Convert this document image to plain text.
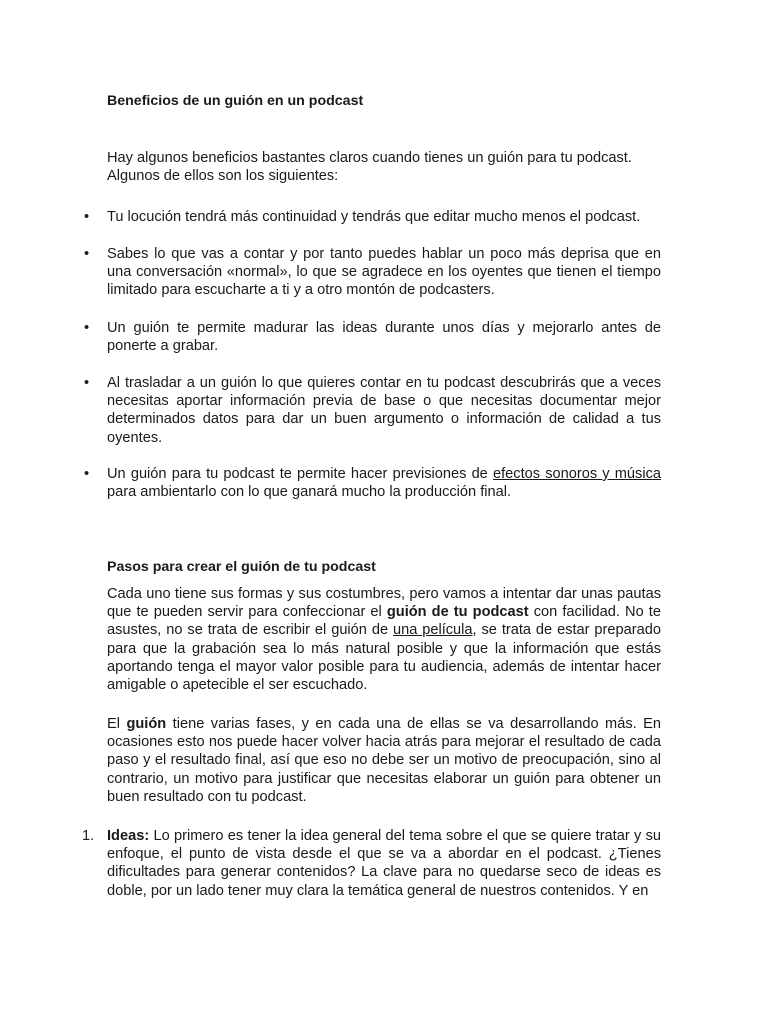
Beneficios de un guión en un podcast

Hay algunos beneficios bastantes claros cuando tienes un guión para tu podcast. Algunos de ellos son los siguientes:

• Tu locución tendrá más continuidad y tendrás que editar mucho menos el podcast.

• Sabes lo que vas a contar y por tanto puedes hablar un poco más deprisa que en una conversación «normal», lo que se agradece en los oyentes que tienen el tiempo limitado para escucharte a ti y a otro montón de podcasters.

• Un guión te permite madurar las ideas durante unos días y mejorarlo antes de ponerte a grabar.

• Al trasladar a un guión lo que quieres contar en tu podcast descubrirás que a veces necesitas aportar información previa de base o que necesitas documentar mejor determinados datos para dar un buen argumento o información de calidad a tus oyentes.

• Un guión para tu podcast te permite hacer previsiones de efectos sonoros y música para ambientarlo con lo que ganará mucho la producción final.

Pasos para crear el guión de tu podcast

Cada uno tiene sus formas y sus costumbres, pero vamos a intentar dar unas pautas que te pueden servir para confeccionar el guión de tu podcast con facilidad. No te asustes, no se trata de escribir el guión de una película, se trata de estar preparado para que la grabación sea lo más natural posible y que la información que estás aportando tenga el mayor valor posible para tu audiencia, además de intentar hacer amigable o apetecible el ser escuchado.

El guión tiene varias fases, y en cada una de ellas se va desarrollando más. En ocasiones esto nos puede hacer volver hacia atrás para mejorar el resultado de cada paso y el resultado final, así que eso no debe ser un motivo de preocupación, sino al contrario, un motivo para justificar que necesitas elaborar un guión para obtener un buen resultado con tu podcast.

1. Ideas: Lo primero es tener la idea general del tema sobre el que se quiere tratar y su enfoque, el punto de vista desde el que se va a abordar en el podcast. ¿Tienes dificultades para generar contenidos? La clave para no quedarse seco de ideas es doble, por un lado tener muy clara la temática general de nuestros contenidos. Y en
